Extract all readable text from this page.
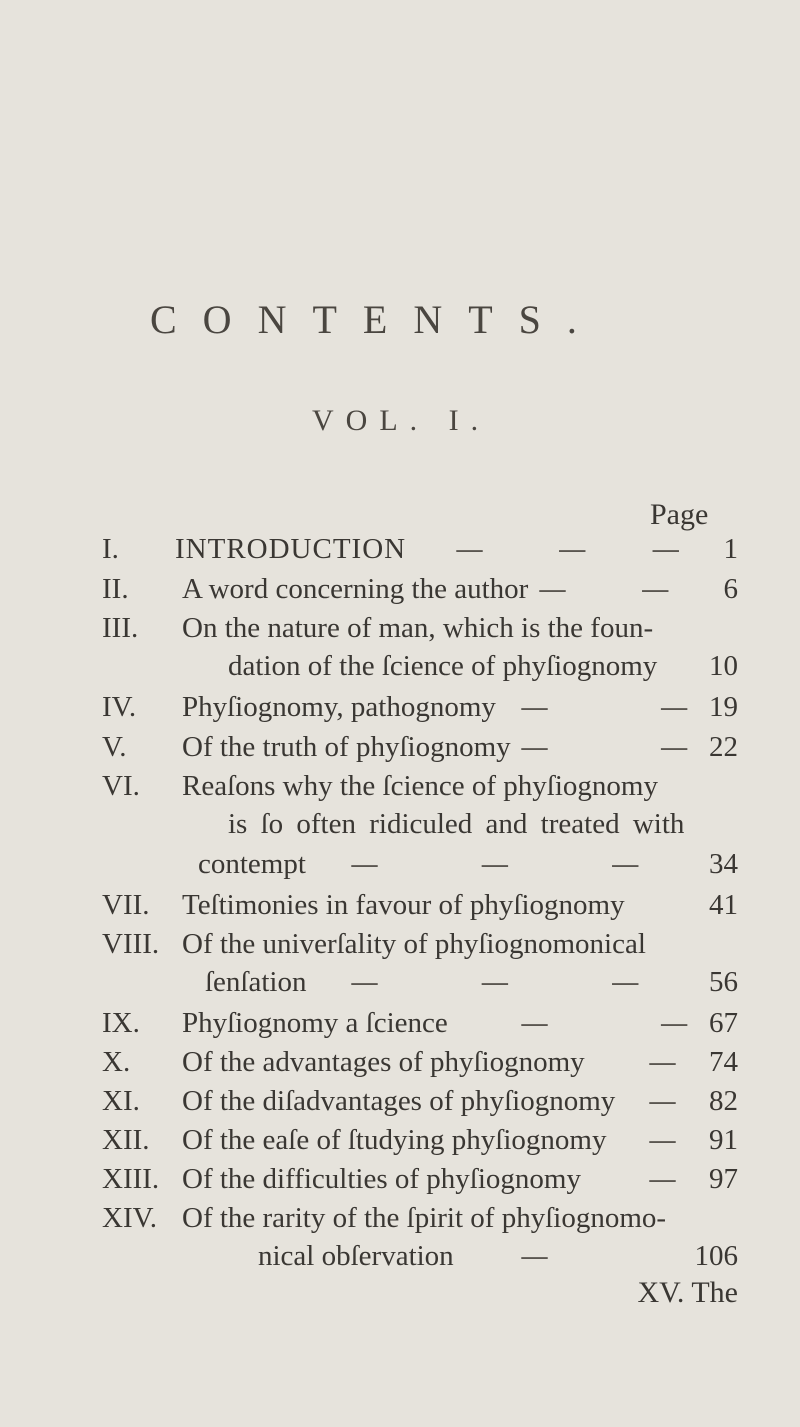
CONTENTS.
VOL. I.
Page
I. INTRODUCTION —        —       — 1
II. A word concerning the author —        — 6
III. On the nature of man, which is the foun-
dation of the ſcience of phyſiognomy 10
IV. Phyſiognomy, pathognomy —            — 19
V. Of the truth of phyſiognomy —            — 22
VI. Reaſons why the ſcience of phyſiognomy
is ſo often ridiculed and treated with
contempt —           —           — 34
VII. Teſtimonies in favour of phyſiognomy	41
VIII. Of the univerſality of phyſiognomonical
ſenſation —           —           — 56
IX. Phyſiognomy a ſcience —            — 67
X. Of the advantages of phyſiognomy — 74
XI. Of the diſadvantages of phyſiognomy — 82
XII. Of the eaſe of ſtudying phyſiognomy — 91
XIII. Of the difficulties of phyſiognomy — 97
XIV. Of the rarity of the ſpirit of phyſiognomo-
nical obſervation —	106
XV. The
